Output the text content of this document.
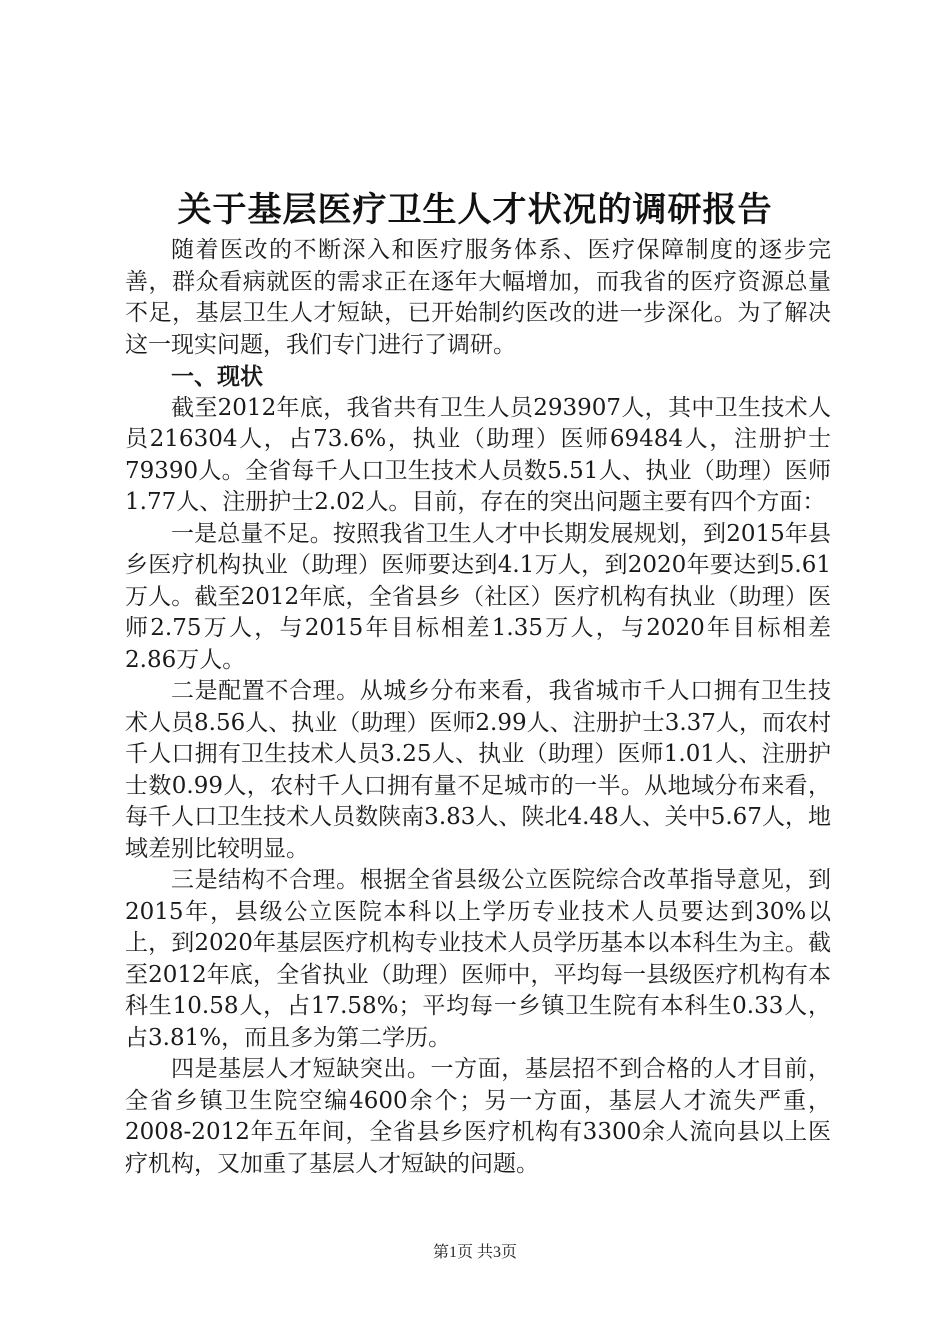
关于基层医疗卫生人才状况的调研报告

随着医改的不断深入和医疗服务体系、医疗保障制度的逐步完善，群众看病就医的需求正在逐年大幅增加，而我省的医疗资源总量不足，基层卫生人才短缺，已开始制约医改的进一步深化。为了解决这一现实问题，我们专门进行了调研。

一、现状

截至2012年底，我省共有卫生人员293907人，其中卫生技术人员216304人，占73.6%，执业（助理）医师69484人，注册护士79390人。全省每千人口卫生技术人员数5.51人、执业（助理）医师1.77人、注册护士2.02人。目前，存在的突出问题主要有四个方面：

一是总量不足。按照我省卫生人才中长期发展规划，到2015年县乡医疗机构执业（助理）医师要达到4.1万人，到2020年要达到5.61万人。截至2012年底，全省县乡（社区）医疗机构有执业（助理）医师2.75万人，与2015年目标相差1.35万人，与2020年目标相差2.86万人。

二是配置不合理。从城乡分布来看，我省城市千人口拥有卫生技术人员8.56人、执业（助理）医师2.99人、注册护士3.37人，而农村千人口拥有卫生技术人员3.25人、执业（助理）医师1.01人、注册护士数0.99人，农村千人口拥有量不足城市的一半。从地域分布来看，每千人口卫生技术人员数陕南3.83人、陕北4.48人、关中5.67人，地域差别比较明显。

三是结构不合理。根据全省县级公立医院综合改革指导意见，到2015年，县级公立医院本科以上学历专业技术人员要达到30%以上，到2020年基层医疗机构专业技术人员学历基本以本科生为主。截至2012年底，全省执业（助理）医师中，平均每一县级医疗机构有本科生10.58人，占17.58%；平均每一乡镇卫生院有本科生0.33人，占3.81%，而且多为第二学历。

四是基层人才短缺突出。一方面，基层招不到合格的人才目前，全省乡镇卫生院空编4600余个；另一方面，基层人才流失严重，2008-2012年五年间，全省县乡医疗机构有3300余人流向县以上医疗机构，又加重了基层人才短缺的问题。

第1页 共3页
